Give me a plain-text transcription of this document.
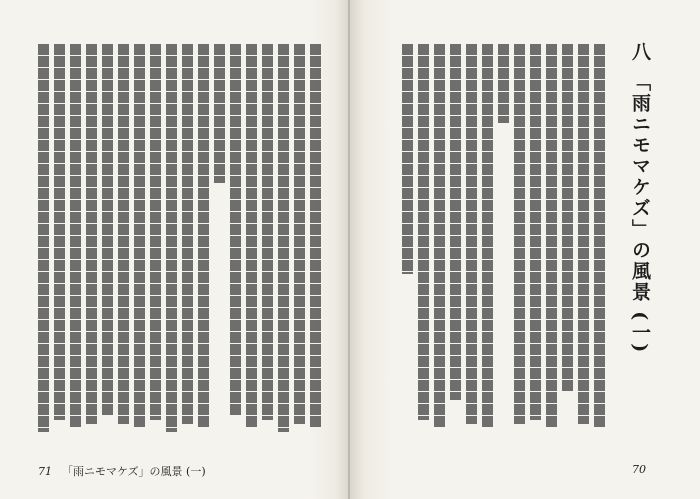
71 「雨ニモマケズ」の風景 (一)
八 「雨ニモマケズ」の風景 (一)
70
